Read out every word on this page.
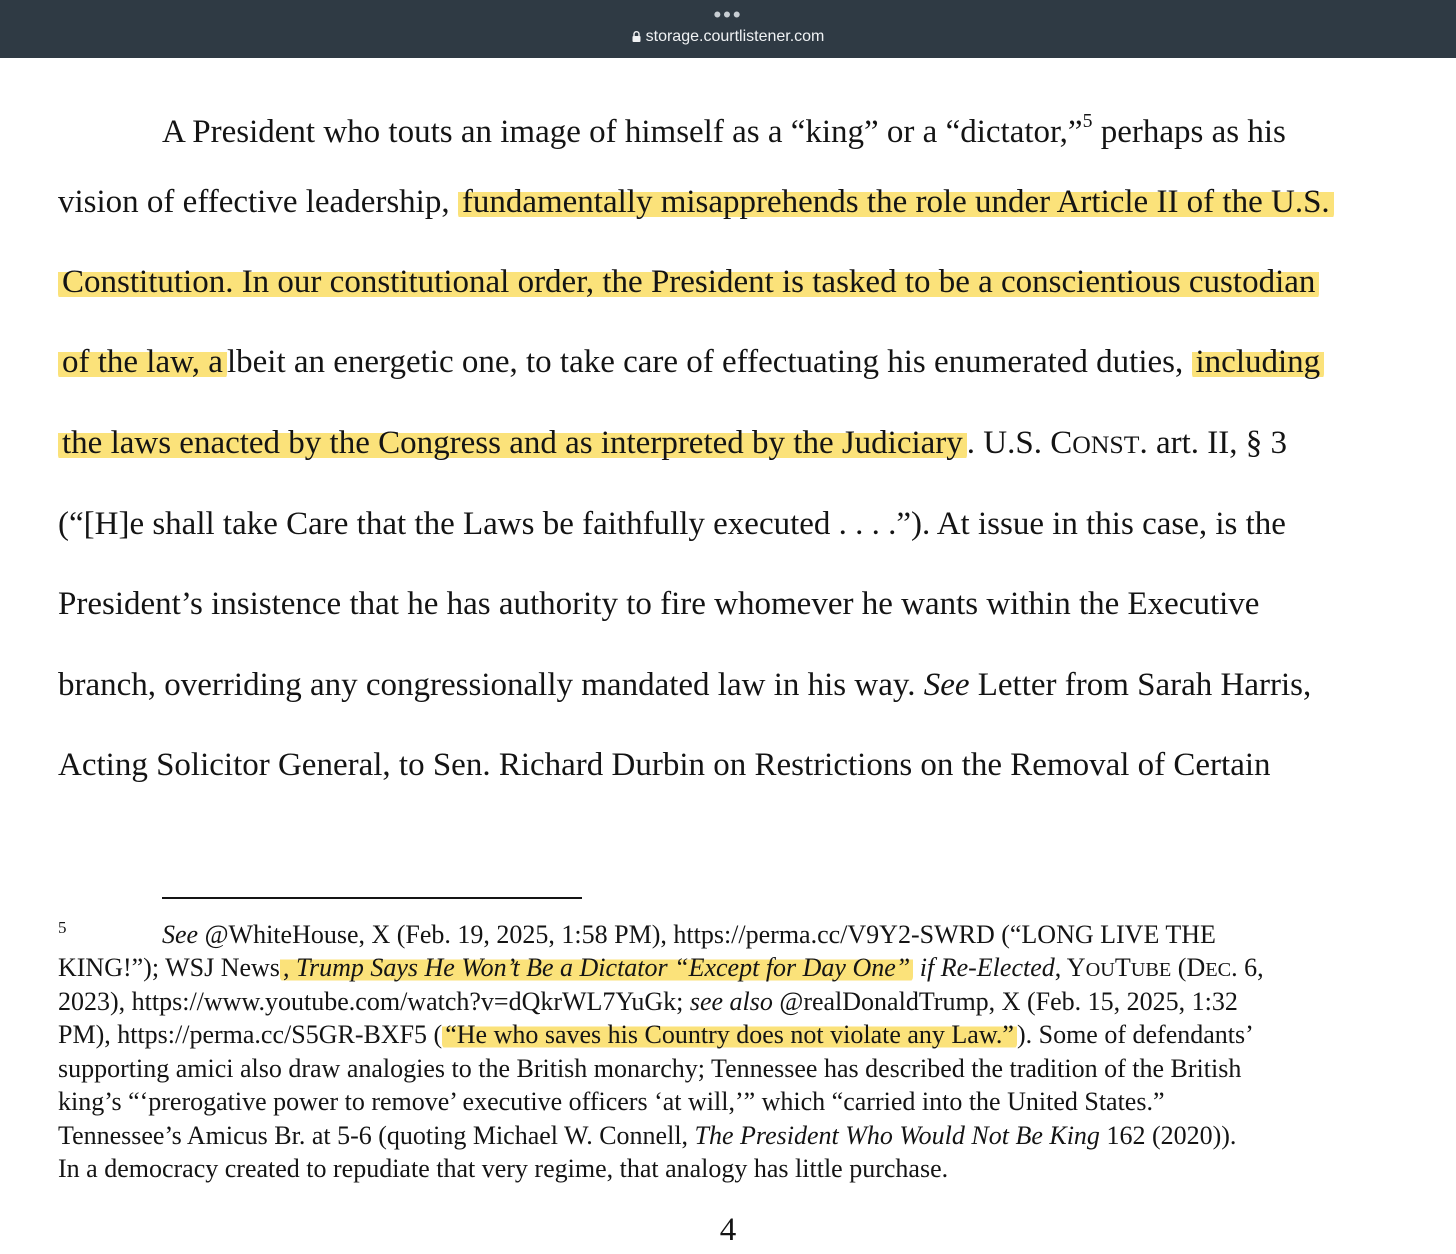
•••
storage.courtlistener.com

A President who touts an image of himself as a “king” or a “dictator,”$^5$ perhaps as his

vision of effective leadership, fundamentally misapprehends the role under Article II of the U.S.

Constitution. In our constitutional order, the President is tasked to be a conscientious custodian

of the law, a lbeit an energetic one, to take care of effectuating his enumerated duties, including

the laws enacted by the Congress and as interpreted by the Judiciary . U.S. CONST. art. II, § 3

(“[H]e shall take Care that the Laws be faithfully executed . . . .”). At issue in this case, is the

President’s insistence that he has authority to fire whomever he wants within the Executive

branch, overriding any congressionally mandated law in his way. See Letter from Sarah Harris,

Acting Solicitor General, to Sen. Richard Durbin on Restrictions on the Removal of Certain

5	See @WhiteHouse, X (Feb. 19, 2025, 1:58 PM), https://perma.cc/V9Y2-SWRD (“LONG LIVE THE

KING!”); WSJ News , Trump Says He Won’t Be a Dictator “Except for Day One” if Re-Elected, YOUTUBE (DEC. 6,

2023), https://www.youtube.com/watch?v=dQkrWL7YuGk; see also @realDonaldTrump, X (Feb. 15, 2025, 1:32

PM), https://perma.cc/S5GR-BXF5 ( “He who saves his Country does not violate any Law.” ). Some of defendants’

supporting amici also draw analogies to the British monarchy; Tennessee has described the tradition of the British

king’s “‘prerogative power to remove’ executive officers ‘at will,’” which “carried into the United States.”

Tennessee’s Amicus Br. at 5-6 (quoting Michael W. Connell, The President Who Would Not Be King 162 (2020)).

In a democracy created to repudiate that very regime, that analogy has little purchase.

4
